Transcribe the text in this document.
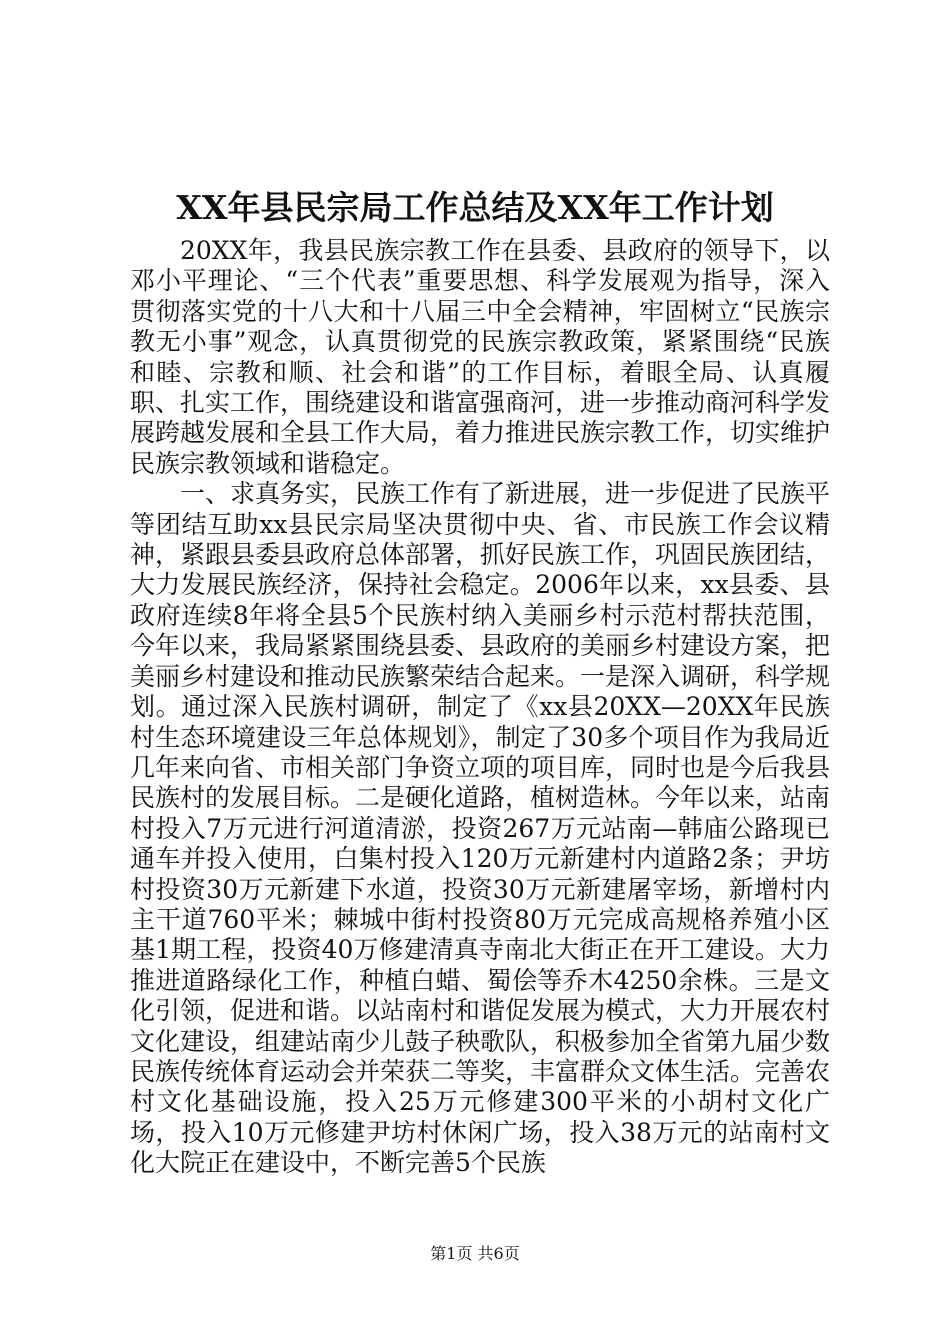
XX年县民宗局工作总结及XX年工作计划

20XX年，我县民族宗教工作在县委、县政府的领导下，以邓小平理论、“三个代表”重要思想、科学发展观为指导，深入贯彻落实党的十八大和十八届三中全会精神，牢固树立“民族宗教无小事”观念，认真贯彻党的民族宗教政策，紧紧围绕“民族和睦、宗教和顺、社会和谐”的工作目标，着眼全局、认真履职、扎实工作，围绕建设和谐富强商河，进一步推动商河科学发展跨越发展和全县工作大局，着力推进民族宗教工作，切实维护民族宗教领域和谐稳定。

一、求真务实，民族工作有了新进展，进一步促进了民族平等团结互助xx县民宗局坚决贯彻中央、省、市民族工作会议精神，紧跟县委县政府总体部署，抓好民族工作，巩固民族团结，大力发展民族经济，保持社会稳定。2006年以来，xx县委、县政府连续8年将全县5个民族村纳入美丽乡村示范村帮扶范围，今年以来，我局紧紧围绕县委、县政府的美丽乡村建设方案，把美丽乡村建设和推动民族繁荣结合起来。一是深入调研，科学规划。通过深入民族村调研，制定了《xx县20XX—20XX年民族村生态环境建设三年总体规划》，制定了30多个项目作为我局近几年来向省、市相关部门争资立项的项目库，同时也是今后我县民族村的发展目标。二是硬化道路，植树造林。今年以来，站南村投入7万元进行河道清淤，投资267万元站南—韩庙公路现已通车并投入使用，白集村投入120万元新建村内道路2条；尹坊村投资30万元新建下水道，投资30万元新建屠宰场，新增村内主干道760平米；棘城中街村投资80万元完成高规格养殖小区基1期工程，投资40万修建清真寺南北大街正在开工建设。大力推进道路绿化工作，种植白蜡、蜀侩等乔木4250余株。三是文化引领，促进和谐。以站南村和谐促发展为模式，大力开展农村文化建设，组建站南少儿鼓子秧歌队，积极参加全省第九届少数民族传统体育运动会并荣获二等奖，丰富群众文体生活。完善农村文化基础设施，投入25万元修建300平米的小胡村文化广场，投入10万元修建尹坊村休闲广场，投入38万元的站南村文化大院正在建设中，不断完善5个民族

第1页 共6页
